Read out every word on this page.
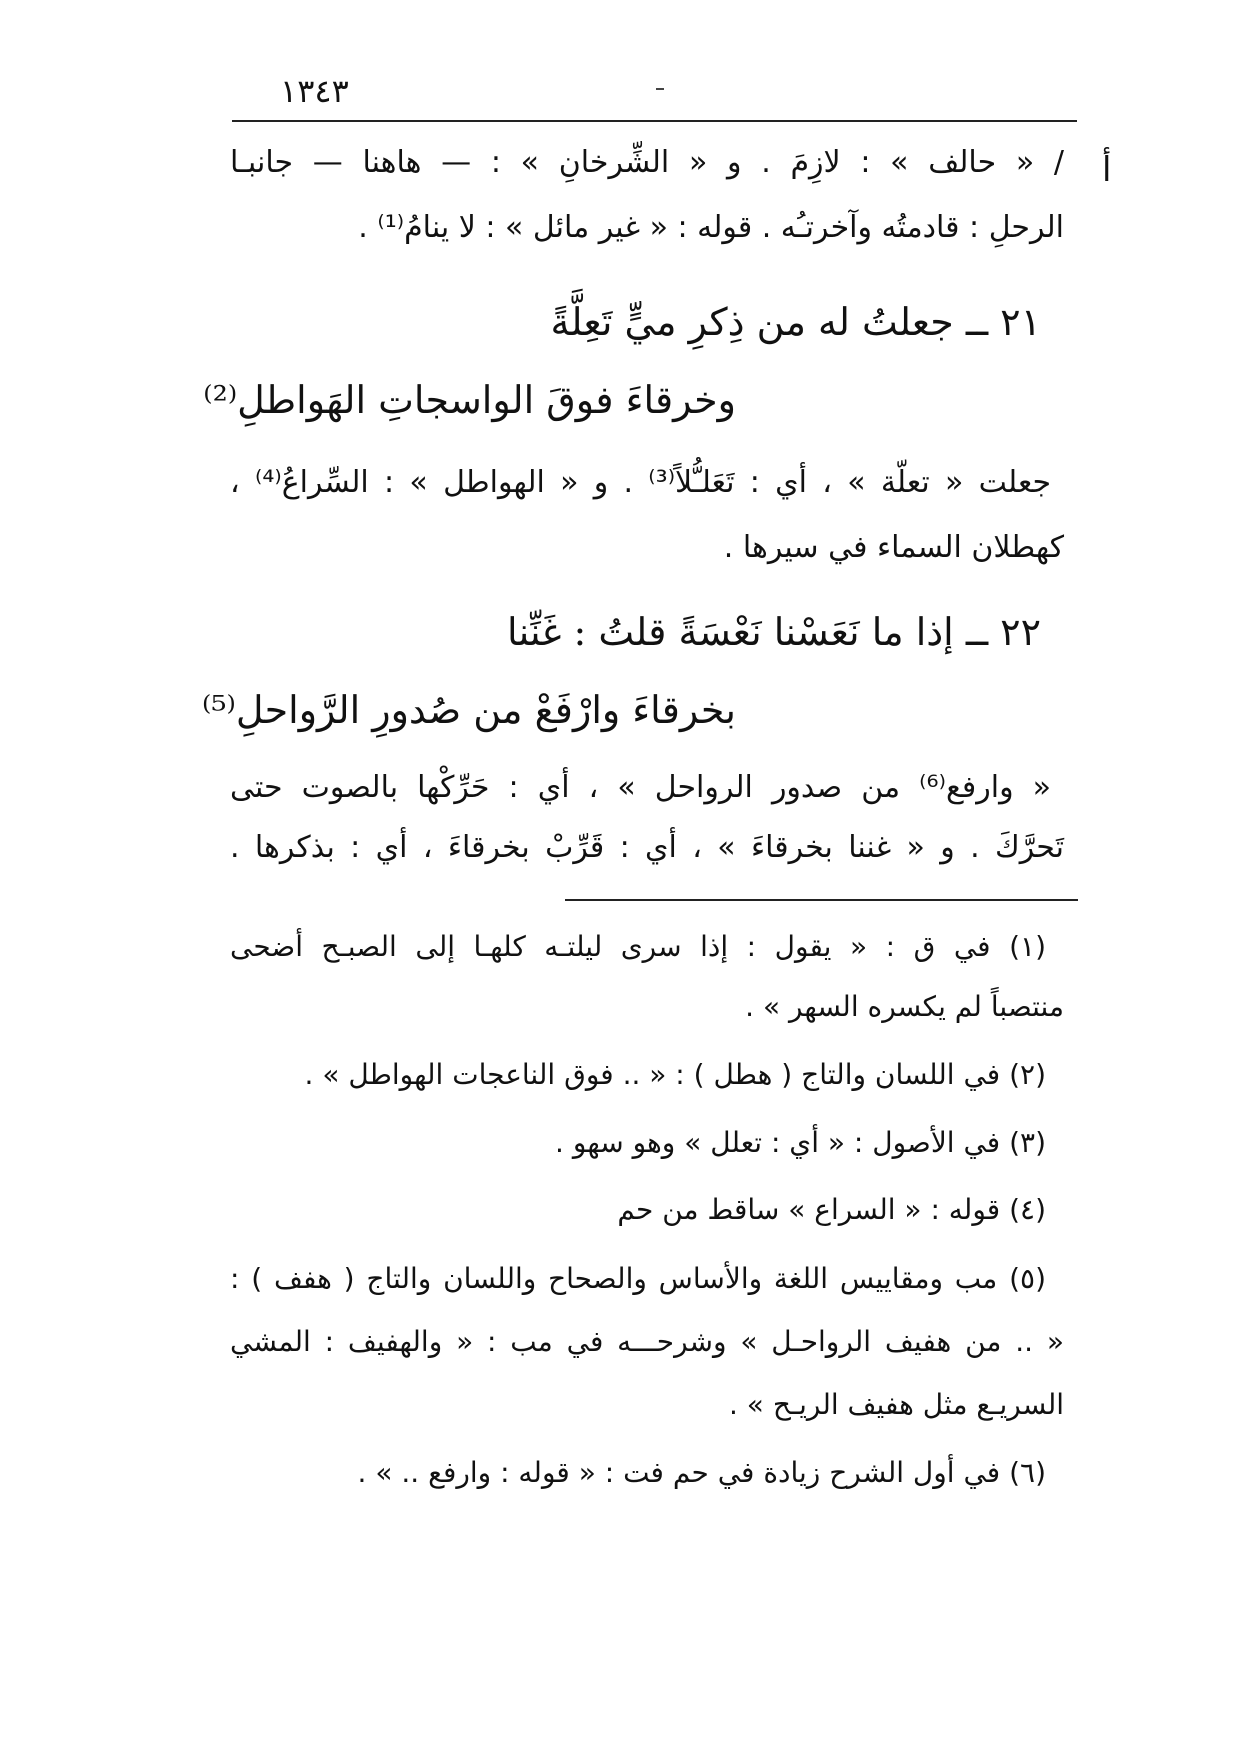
١٣٤٣
أ
/ « حالف » : لازِمَ . و « الشِّرخانِ » : — هاهنا — جانبـا
الرحلِ : قادمتُه وآخرتـُه . قوله : « غير مائل » : لا ينامُ⁽¹⁾ .
٢١ ــ جعلتُ له من ذِكرِ ميٍّ تَعِلَّةً
وخرقاءَ فوقَ الواسجاتِ الهَواطلِ⁽²⁾
جعلت « تعلّة » ، أي : تَعَلـُّلاً⁽³⁾ . و « الهواطل » : السِّراعُ⁽⁴⁾ ،
كهطلان السماء في سيرها .
٢٢ ــ إذا ما نَعَسْنا نَعْسَةً قلتُ : غَنِّنا
بخرقاءَ وارْفَعْ من صُدورِ الرَّواحلِ⁽⁵⁾
« وارفع⁽⁶⁾ من صدور الرواحل » ، أي : حَرِّكْها بالصوت حتى
تَحرَّكَ . و « غننا بخرقاءَ » ، أي : قَرِّبْ بخرقاءَ ، أي : بذكرها .
(١) في ق : « يقول : إذا سرى ليلتـه كلهـا إلى الصبـح أضحى
منتصباً لم يكسره السهر » .
(٢) في اللسان والتاج ( هطل ) : « .. فوق الناعجات الهواطل » .
(٣) في الأصول : « أي : تعلل » وهو سهو .
(٤) قوله : « السراع » ساقط من حم
(٥) مب ومقاييس اللغة والأساس والصحاح واللسان والتاج ( هفف ) :
« .. من هفيف الرواحـل » وشرحـــه في مب : « والهفيف : المشي
السريـع مثل هفيف الريـح » .
(٦) في أول الشرح زيادة في حم فت : « قوله : وارفع .. » .
